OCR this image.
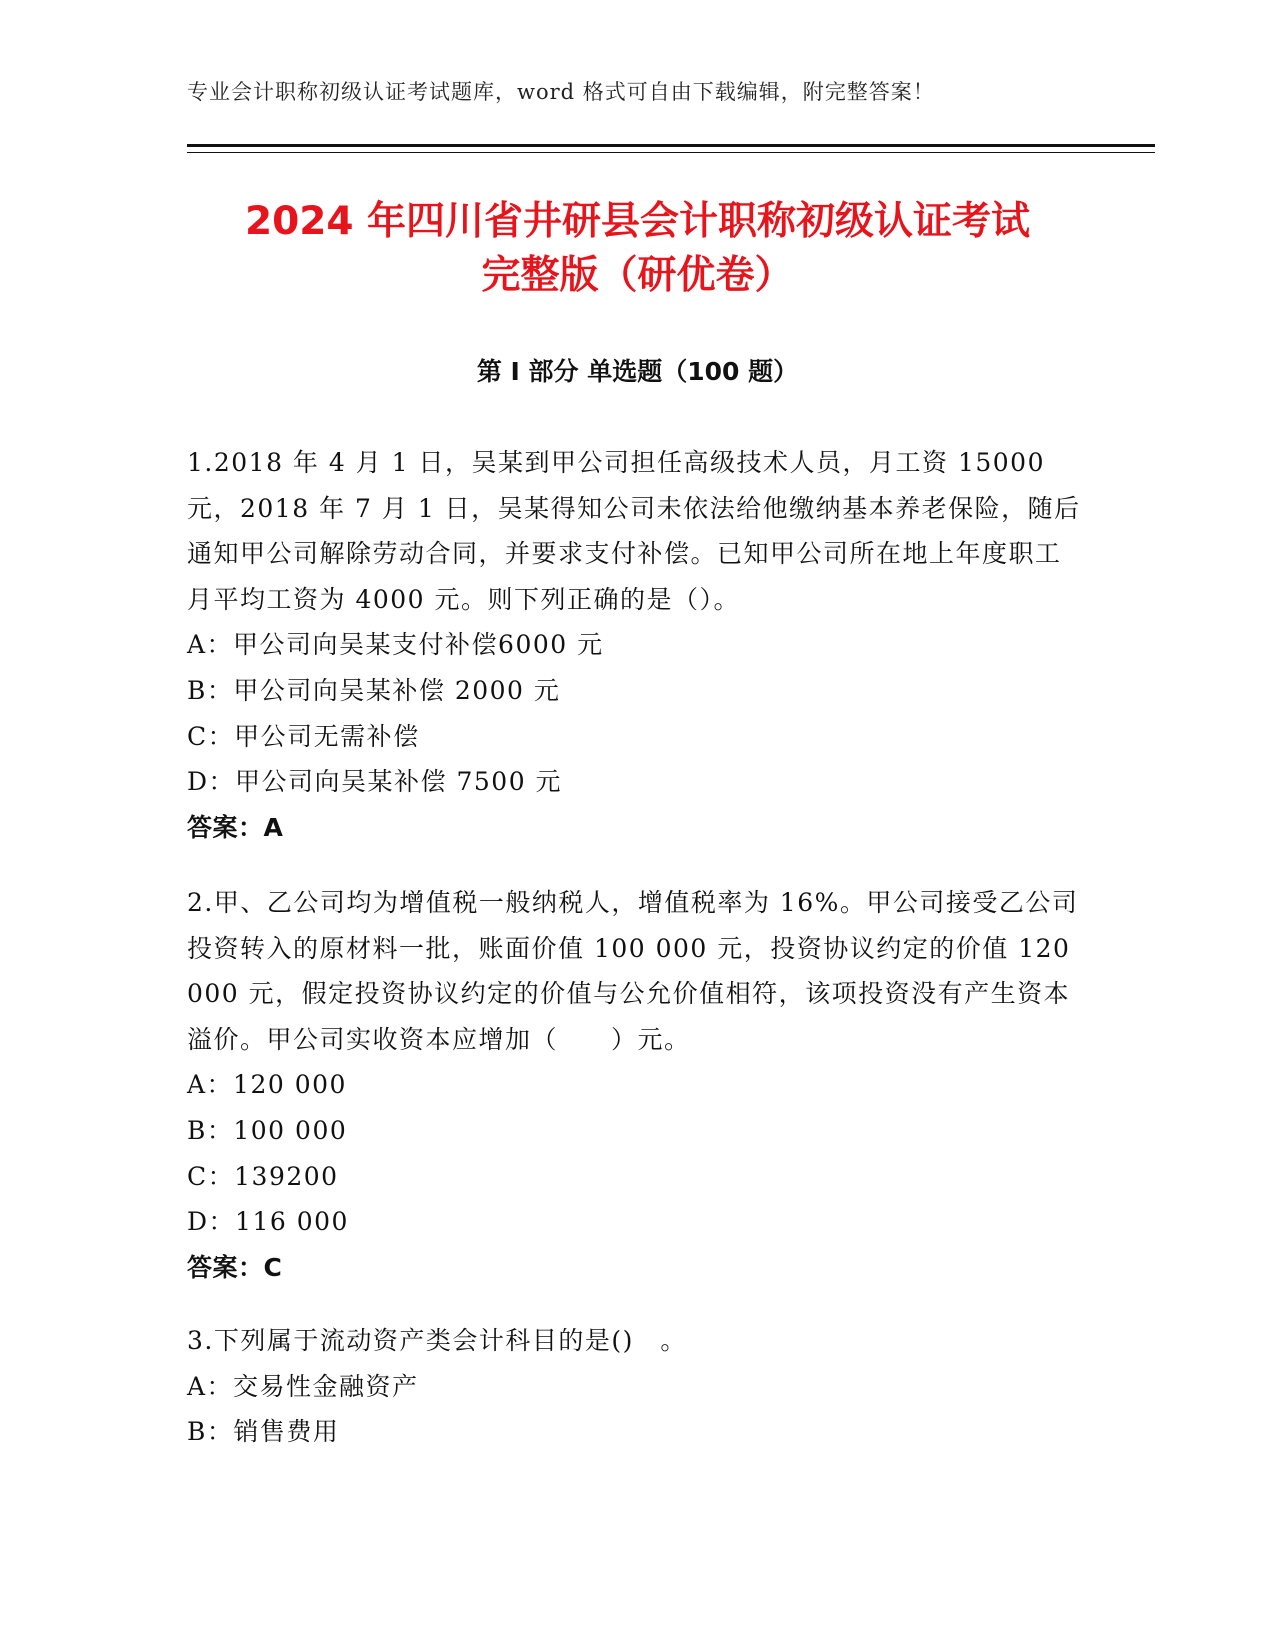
专业会计职称初级认证考试题库，word 格式可自由下载编辑，附完整答案！
2024 年四川省井研县会计职称初级认证考试
完整版（研优卷）
第 I 部分 单选题（100 题）

1.2018 年 4 月 1 日，吴某到甲公司担任高级技术人员，月工资 15000 元，2018 年 7 月 1 日，吴某得知公司未依法给他缴纳基本养老保险，随后通知甲公司解除劳动合同，并要求支付补偿。已知甲公司所在地上年度职工月平均工资为 4000 元。则下列正确的是（）。

A：甲公司向吴某支付补偿6000 元

B：甲公司向吴某补偿 2000 元

C：甲公司无需补偿

D：甲公司向吴某补偿 7500 元

答案：A

2.甲、乙公司均为增值税一般纳税人，增值税率为 16%。甲公司接受乙公司投资转入的原材料一批，账面价值 100 000 元，投资协议约定的价值 120 000 元，假定投资协议约定的价值与公允价值相符，该项投资没有产生资本溢价。甲公司实收资本应增加（　　）元。

A：120 000

B：100 000

C：139200

D：116 000

答案：C

3.下列属于流动资产类会计科目的是()　。

A：交易性金融资产

B：销售费用
